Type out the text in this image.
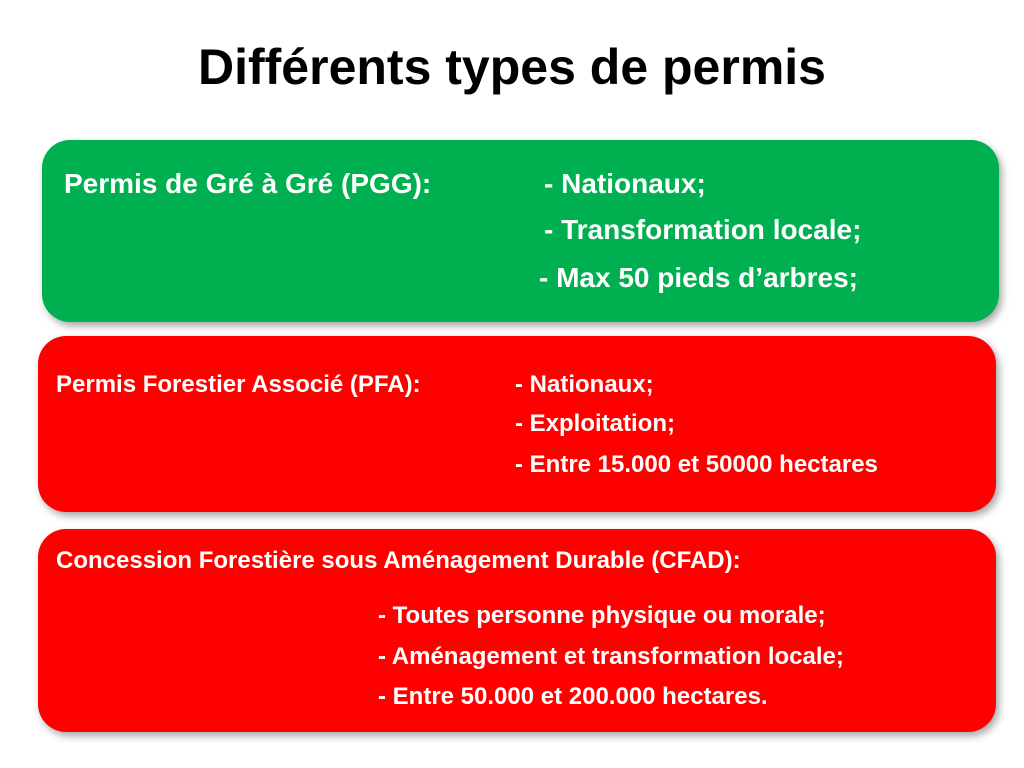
Différents types de permis
Permis de Gré à Gré (PGG):	- Nationaux;
- Transformation locale;
- Max 50 pieds d’arbres;
Permis Forestier Associé (PFA):	- Nationaux;
- Exploitation;
- Entre 15.000 et 50000 hectares
Concession Forestière sous Aménagement Durable (CFAD):
- Toutes personne physique ou morale;
- Aménagement et transformation locale;
- Entre 50.000 et 200.000 hectares.
